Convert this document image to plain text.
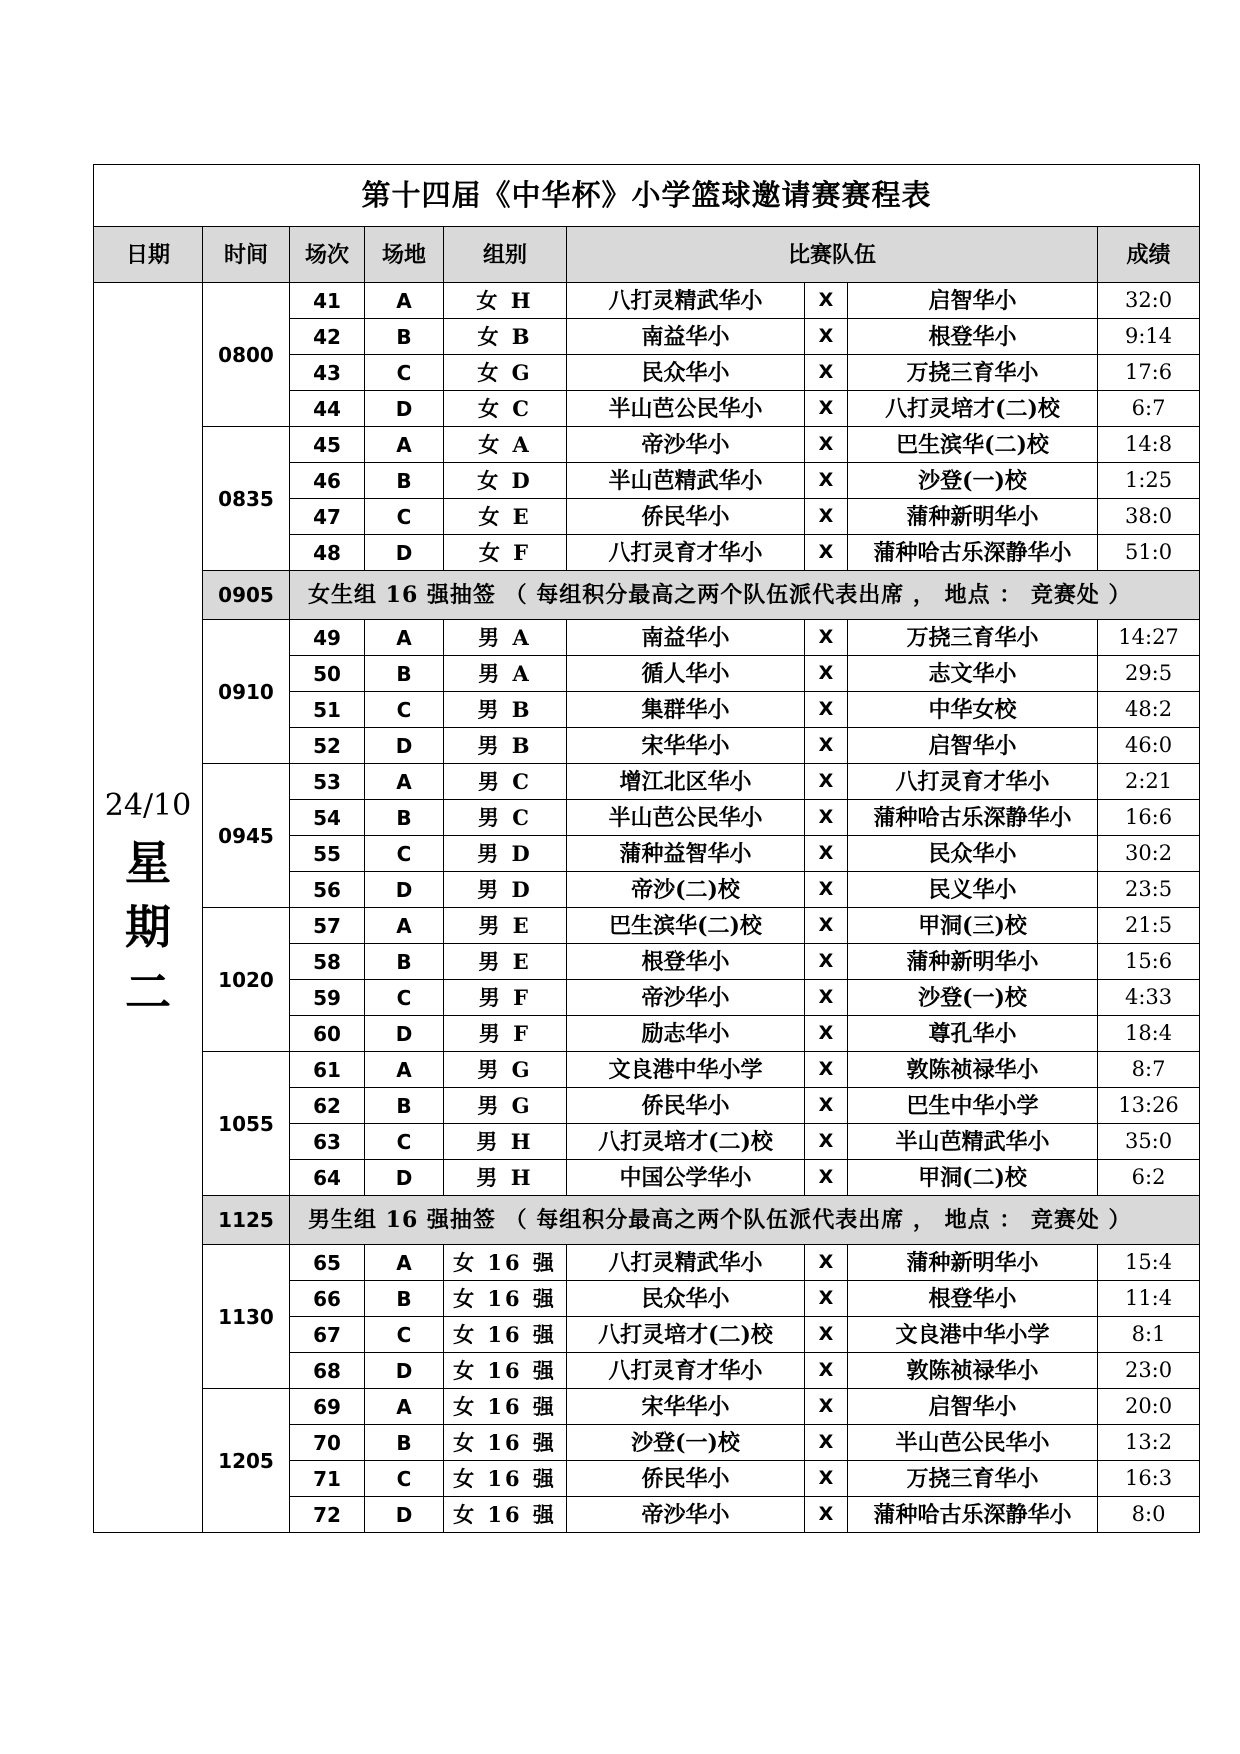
第十四届《中华杯》小学篮球邀请赛赛程表								
日期	时间	场次	场地	组别	比赛队伍			成绩

24/10
星
期
二	0800	41	A	女 H	八打灵精武华小	X	启智华小	32:0
		42	B	女 B	南益华小	X	根登华小	9:14
		43	C	女 G	民众华小	X	万挠三育华小	17:6
		44	D	女 C	半山芭公民华小	X	八打灵培才(二)校	6:7
	0835	45	A	女 A	帝沙华小	X	巴生滨华(二)校	14:8
		46	B	女 D	半山芭精武华小	X	沙登(一)校	1:25
		47	C	女 E	侨民华小	X	蒲种新明华小	38:0
		48	D	女 F	八打灵育才华小	X	蒲种哈古乐深静华小	51:0
	0905	女生组 16 强抽签 （ 每组积分最高之两个队伍派代表出席 ， 地点 ： 竞赛处 ）						
	0910	49	A	男 A	南益华小	X	万挠三育华小	14:27
		50	B	男 A	循人华小	X	志文华小	29:5
		51	C	男 B	集群华小	X	中华女校	48:2
		52	D	男 B	宋华华小	X	启智华小	46:0
	0945	53	A	男 C	增江北区华小	X	八打灵育才华小	2:21
		54	B	男 C	半山芭公民华小	X	蒲种哈古乐深静华小	16:6
		55	C	男 D	蒲种益智华小	X	民众华小	30:2
		56	D	男 D	帝沙(二)校	X	民义华小	23:5
	1020	57	A	男 E	巴生滨华(二)校	X	甲洞(三)校	21:5
		58	B	男 E	根登华小	X	蒲种新明华小	15:6
		59	C	男 F	帝沙华小	X	沙登(一)校	4:33
		60	D	男 F	励志华小	X	尊孔华小	18:4
	1055	61	A	男 G	文良港中华小学	X	敦陈祯禄华小	8:7
		62	B	男 G	侨民华小	X	巴生中华小学	13:26
		63	C	男 H	八打灵培才(二)校	X	半山芭精武华小	35:0
		64	D	男 H	中国公学华小	X	甲洞(二)校	6:2
	1125	男生组 16 强抽签 （ 每组积分最高之两个队伍派代表出席 ， 地点 ： 竞赛处 ）						
	1130	65	A	女 16 强	八打灵精武华小	X	蒲种新明华小	15:4
		66	B	女 16 强	民众华小	X	根登华小	11:4
		67	C	女 16 强	八打灵培才(二)校	X	文良港中华小学	8:1
		68	D	女 16 强	八打灵育才华小	X	敦陈祯禄华小	23:0
	1205	69	A	女 16 强	宋华华小	X	启智华小	20:0
		70	B	女 16 强	沙登(一)校	X	半山芭公民华小	13:2
		71	C	女 16 强	侨民华小	X	万挠三育华小	16:3
		72	D	女 16 强	帝沙华小	X	蒲种哈古乐深静华小	8:0
